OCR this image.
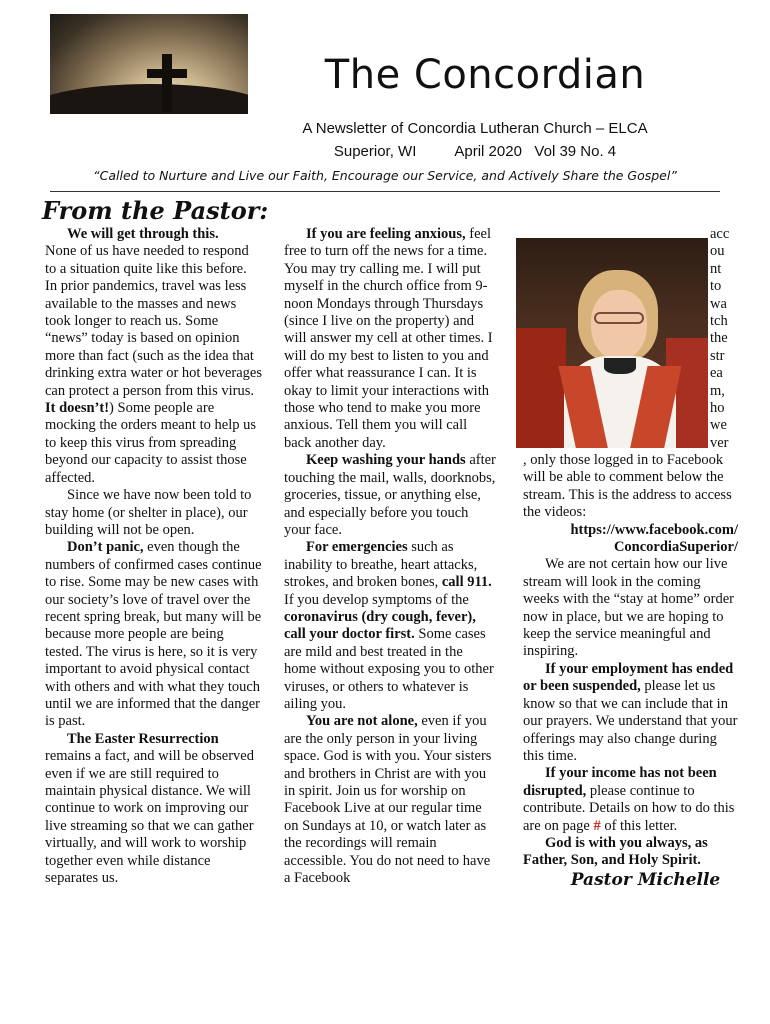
The Concordian
A Newsletter of Concordia Lutheran Church – ELCA
Superior, WI	April 2020   Vol 39 No. 4
“Called to Nurture and Live our Faith, Encourage our Service, and Actively Share the Gospel”
From the Pastor:

We will get through this.
None of us have needed to respond to a situation quite like this before. In prior pandemics, travel was less available to the masses and news took longer to reach us. Some “news” today is based on opinion more than fact (such as the idea that drinking extra water or hot beverages can protect a person from this virus.
It doesn’t!) Some people are mocking the orders meant to help us to keep this virus from spreading beyond our capacity to assist those affected.

Since we have now been told to stay home (or shelter in place), our building will not be open.

Don’t panic, even though the numbers of confirmed cases continue to rise. Some may be new cases with our society’s love of travel over the recent spring break, but many will be because more people are being tested. The virus is here, so it is very important to avoid physical contact with others and with what they touch until we are informed that the danger is past.

The Easter Resurrection remains a fact, and will be observed even if we are still required to maintain physical distance. We will continue to work on improving our live streaming so that we can gather virtually, and will work to worship together even while distance separates us.

If you are feeling anxious, feel free to turn off the news for a time. You may try calling me. I will put myself in the church office from 9-noon Mondays through Thursdays (since I live on the property) and will answer my cell at other times. I will do my best to listen to you and offer what reassurance I can. It is okay to limit your interactions with those who tend to make you more anxious. Tell them you will call back another day.

Keep washing your hands after touching the mail, walls, doorknobs, groceries, tissue, or anything else, and especially before you touch your face.

For emergencies such as inability to breathe, heart attacks, strokes, and broken bones, call 911. If you develop symptoms of the coronavirus (dry cough, fever), call your doctor first. Some cases are mild and best treated in the home without exposing you to other viruses, or others to whatever is ailing you.

You are not alone, even if you are the only person in your living space. God is with you. Your sisters and brothers in Christ are with you in spirit. Join us for worship on Facebook Live at our regular time on Sundays at 10, or watch later as the recordings will remain accessible. You do not need to have a Facebook

acc
ou
nt
to
wa
tch
the
str
ea
m,
ho
we
ver

, only those logged in to Facebook will be able to comment below the stream. This is the address to access the videos:

https://www.facebook.com/
ConcordiaSuperior/

We are not certain how our live stream will look in the coming weeks with the “stay at home” order now in place, but we are hoping to keep the service meaningful and inspiring.

If your employment has ended or been suspended, please let us know so that we can include that in our prayers. We understand that your offerings may also change during this time.

If your income has not been disrupted, please continue to contribute. Details on how to do this are on page # of this letter.

God is with you always, as Father, Son, and Holy Spirit.

Pastor Michelle
